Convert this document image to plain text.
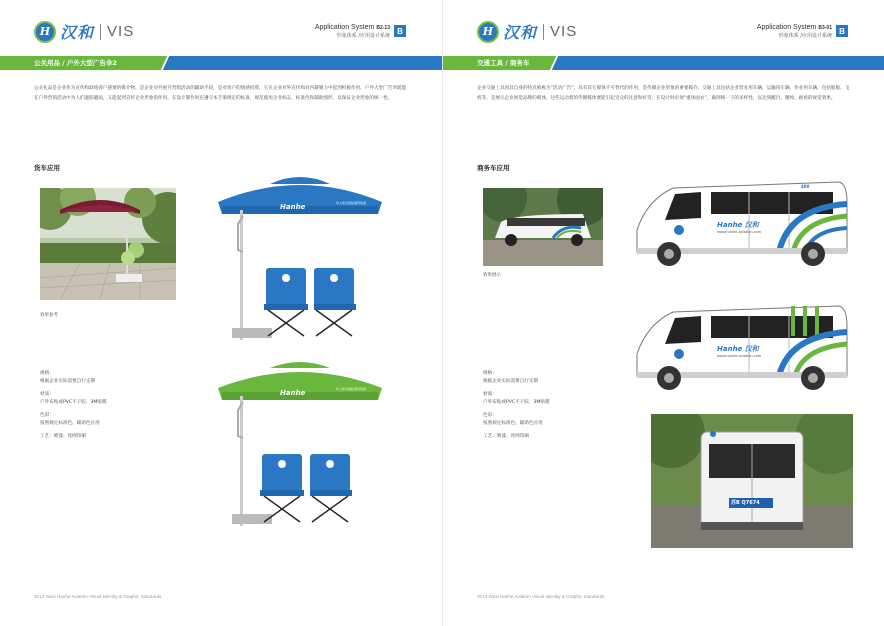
H 汉和 VIS	Application System B2-13
形象体系 /应用设计系统
B
公关用品 / 户外大型广告伞2
公关礼品是企业作为宣传和联络客户感情的媒介物，是企业对外展开营销活动的辅助手段，是对客户的情感投资，它在企业对外宣传和对内凝聚力中起到积极作用。户外大型广告伞既能在户外营销活动中为人们遮阳避雨，又能起到宣传企业形象的作用。在设计制作时应遵守本手册规定的标准，规范使用企业标志、标准色和辅助图形，以保证企业形象的统一性。
货车应用
效果参考
Hanhe	华人航空国际通用集团
Hanhe	华人航空国际通用集团

规格：

根据企业实际需要自行定制

材质：

户外布贴或PVC不干胶、3M贴膜

色彩：

按照规定标准色、辅助色应用

工艺：喷漆、丝网印刷

2013 Wuxi Hanhe Aviation Visual Identity & Graphic Standards
H 汉和 VIS	Application System B3-01
形象体系 /应用设计系统
B
交通工具 / 商务车
企业交通工具因其自身的特点被称为“活动广告”，具有其它媒体不可替代的作用，是传播企业形象的重要媒介。交通工具包括企业营业用车辆、运输用车辆、作业用车辆、包括船舶、飞机等，是展示企业视觉品牌的载体。这些运动着的传播媒体要能引起受众的注意和好奇，在设计时必须“重体面衣”，做到统一下的多样性，以达到醒目、精致、耐看的视觉效果。
商务车应用
效果展示
Hanhe 汉和
www.hanhe-aviation.com
400
Hanhe 汉和
www.hanhe-aviation.com
苏B Q7674

规格：

根据企业实际需要自行定制

材质：

户外布贴或PVC不干胶、3M贴膜

色彩：

按照规定标准色、辅助色应用

工艺：喷漆、丝网印刷

2013 Wuxi Hanhe Aviation Visual Identity & Graphic Standards
